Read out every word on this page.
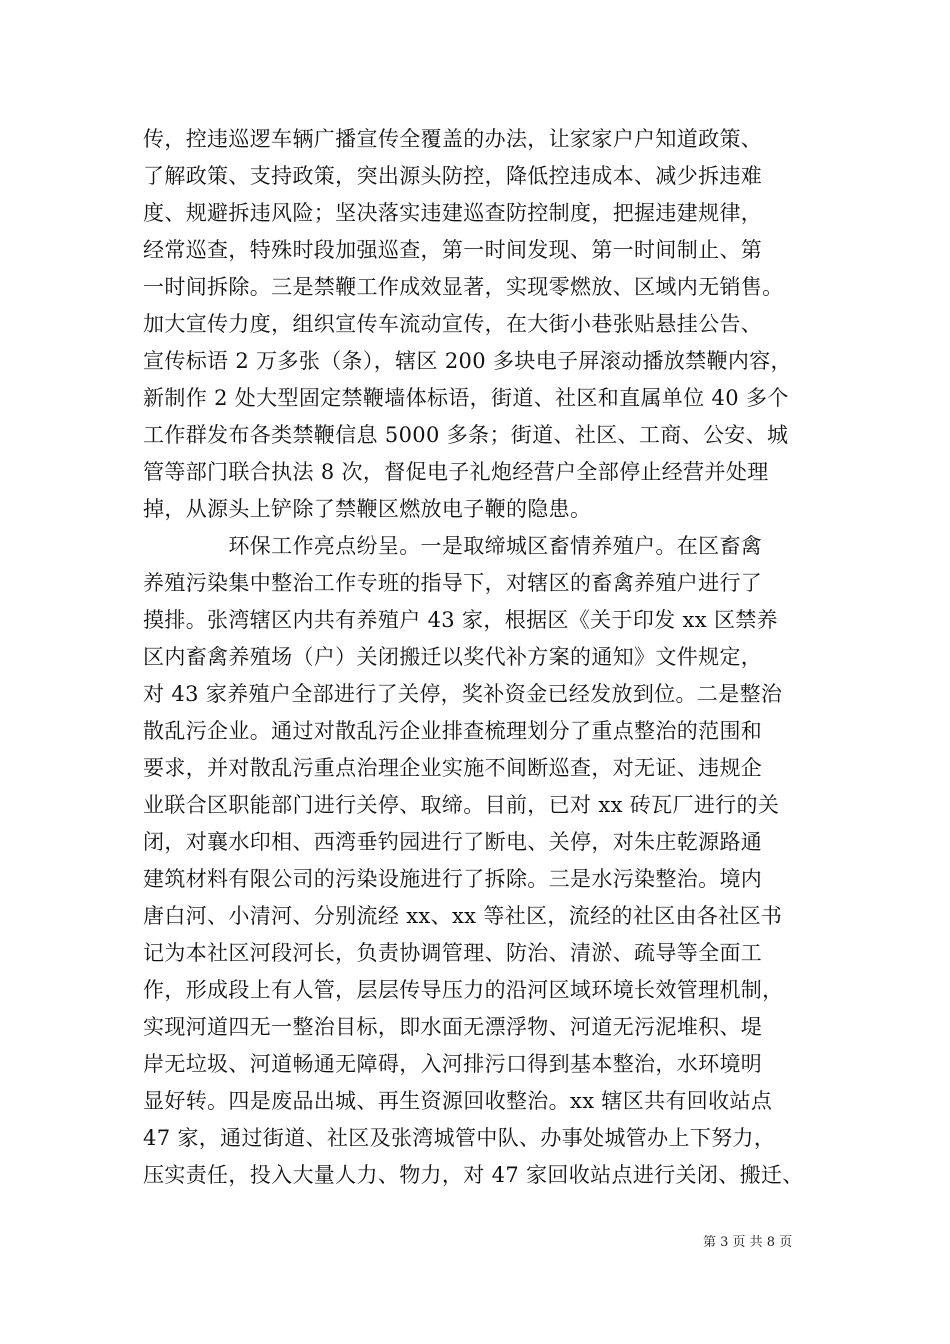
传，控违巡逻车辆广播宣传全覆盖的办法，让家家户户知道政策、
了解政策、支持政策，突出源头防控，降低控违成本、减少拆违难
度、规避拆违风险；坚决落实违建巡查防控制度，把握违建规律，
经常巡查，特殊时段加强巡查，第一时间发现、第一时间制止、第
一时间拆除。三是禁鞭工作成效显著，实现零燃放、区域内无销售。
加大宣传力度，组织宣传车流动宣传，在大街小巷张贴悬挂公告、
宣传标语 2 万多张（条），辖区 200 多块电子屏滚动播放禁鞭内容，
新制作 2 处大型固定禁鞭墙体标语，街道、社区和直属单位 40 多个
工作群发布各类禁鞭信息 5000 多条；街道、社区、工商、公安、城
管等部门联合执法 8 次，督促电子礼炮经营户全部停止经营并处理
掉，从源头上铲除了禁鞭区燃放电子鞭的隐患。
　　　　环保工作亮点纷呈。一是取缔城区畜情养殖户。在区畜禽
养殖污染集中整治工作专班的指导下，对辖区的畜禽养殖户进行了
摸排。张湾辖区内共有养殖户 43 家，根据区《关于印发 xx 区禁养
区内畜禽养殖场（户）关闭搬迁以奖代补方案的通知》文件规定，
对 43 家养殖户全部进行了关停，奖补资金已经发放到位。二是整治
散乱污企业。通过对散乱污企业排查梳理划分了重点整治的范围和
要求，并对散乱污重点治理企业实施不间断巡查，对无证、违规企
业联合区职能部门进行关停、取缔。目前，已对 xx 砖瓦厂进行的关
闭，对襄水印相、西湾垂钓园进行了断电、关停，对朱庄乾源路通
建筑材料有限公司的污染设施进行了拆除。三是水污染整治。境内
唐白河、小清河、分别流经 xx、xx 等社区，流经的社区由各社区书
记为本社区河段河长，负责协调管理、防治、清淤、疏导等全面工
作，形成段上有人管，层层传导压力的沿河区域环境长效管理机制，
实现河道四无一整治目标，即水面无漂浮物、河道无污泥堆积、堤
岸无垃圾、河道畅通无障碍，入河排污口得到基本整治，水环境明
显好转。四是废品出城、再生资源回收整治。xx 辖区共有回收站点
47 家，通过街道、社区及张湾城管中队、办事处城管办上下努力，
压实责任，投入大量人力、物力，对 47 家回收站点进行关闭、搬迁、
第 3 页 共 8 页
